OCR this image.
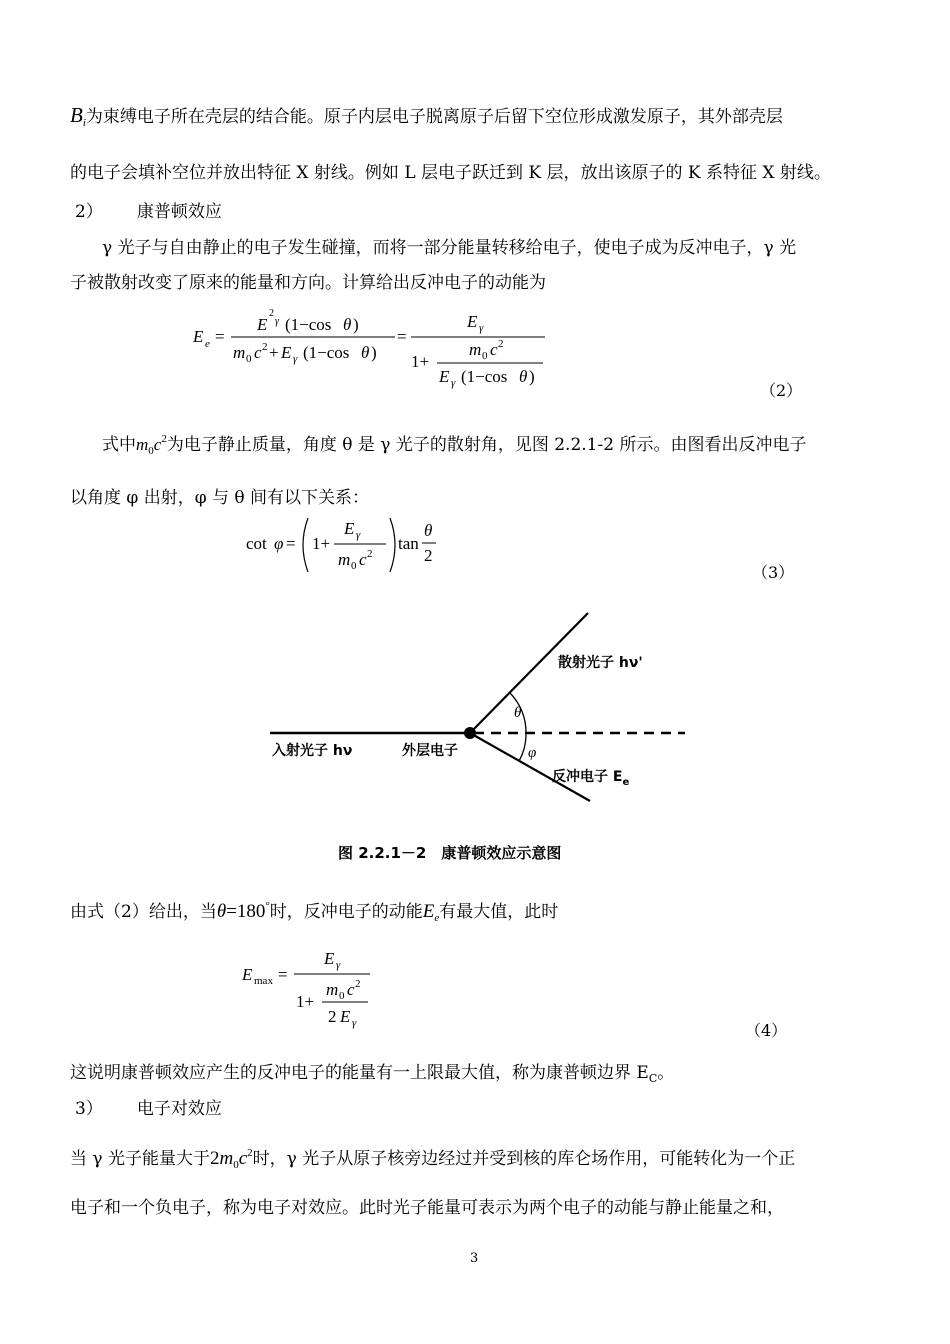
$B_i$为束缚电子所在壳层的结合能。原子内层电子脱离原子后留下空位形成激发原子，其外部壳层
的电子会填补空位并放出特征 X 射线。例如 L 层电子跃迁到 K 层，放出该原子的 K 系特征 X 射线。
2） 康普顿效应
γ 光子与自由静止的电子发生碰撞，而将一部分能量转移给电子，使电子成为反冲电子，γ 光
子被散射改变了原来的能量和方向。计算给出反冲电子的动能为
E e =
E
2
γ (1−cos θ )
m 0 c 2 + E γ (1−cos θ )
=
E γ
1+
m 0 c 2
E γ (1−cos θ )
（2）
式中$m_0c^2$为电子静止质量，角度 θ 是 γ 光子的散射角，见图 2.2.1-2 所示。由图看出反冲电子
以角度 φ 出射，φ 与 θ 间有以下关系：
cot φ = 1+
E γ
m 0 c 2
tan
θ
2
（3）
θ
φ
散射光子 hν'
入射光子 hν	外层电子
反冲电子 $E_e$
图 2.2.1－2　康普顿效应示意图
由式（2）给出，当θ=180°时，反冲电子的动能$E_e$有最大值，此时
E max =
E γ
1+
m 0 c 2
2 E γ	（4）
这说明康普顿效应产生的反冲电子的能量有一上限最大值，称为康普顿边界 $E_C$。
3） 电子对效应
当 γ 光子能量大于$2m_0c^2$时，γ 光子从原子核旁边经过并受到核的库仑场作用，可能转化为一个正
电子和一个负电子，称为电子对效应。此时光子能量可表示为两个电子的动能与静止能量之和，
3
